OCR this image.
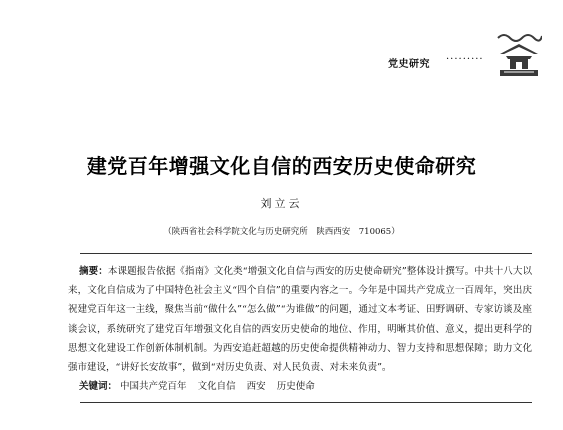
党史研究 ·········
建党百年增强文化自信的西安历史使命研究
刘立云
（陕西省社会科学院文化与历史研究所　陕西西安　710065）
摘要：本课题报告依据《指南》文化类“增强文化自信与西安的历史使命研究”整体设计撰写。中共十八大以来，文化自信成为了中国特色社会主义“四个自信”的重要内容之一。今年是中国共产党成立一百周年，突出庆祝建党百年这一主线，聚焦当前“做什么”“怎么做”“为谁做”的问题，通过文本考证、田野调研、专家访谈及座谈会议，系统研究了建党百年增强文化自信的西安历史使命的地位、作用，明晰其价值、意义，提出更科学的思想文化建设工作创新体制机制。为西安追赶超越的历史使命提供精神动力、智力支持和思想保障；助力文化强市建设，“讲好长安故事”，做到“对历史负责、对人民负责、对未来负责”。
关键词： 中国共产党百年 文化自信 西安 历史使命
